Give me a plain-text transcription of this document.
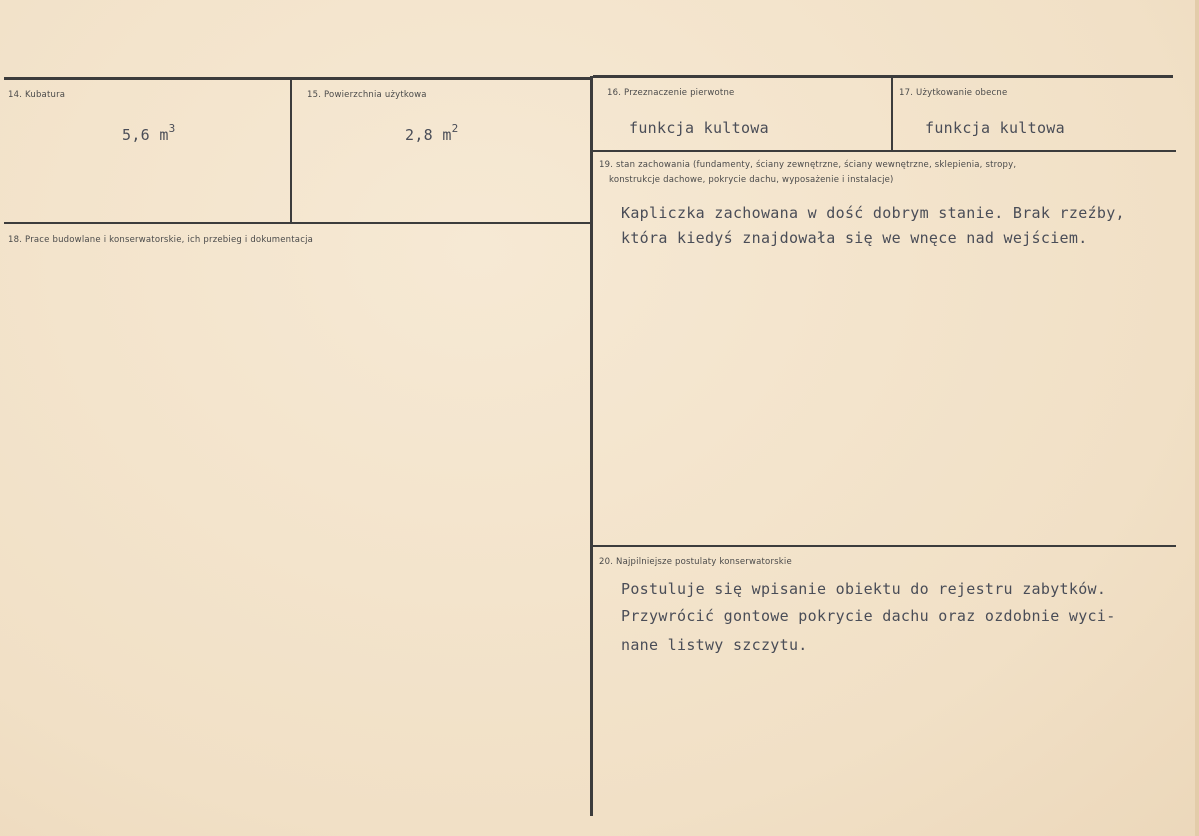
14. Kubatura
5,6 $m^3$
15. Powierzchnia użytkowa
2,8 $m^2$
16. Przeznaczenie pierwotne
funkcja kultowa
17. Użytkowanie obecne
funkcja kultowa
18. Prace budowlane i konserwatorskie, ich przebieg i dokumentacja
19. stan zachowania (fundamenty, ściany zewnętrzne, ściany wewnętrzne, sklepienia, stropy,
konstrukcje dachowe, pokrycie dachu, wyposażenie i instalacje)
Kapliczka zachowana w dość dobrym stanie. Brak rzeźby,
która kiedyś znajdowała się we wnęce nad wejściem.
20. Najpilniejsze postulaty konserwatorskie
Postuluje się wpisanie obiektu do rejestru zabytków.
Przywrócić gontowe pokrycie dachu oraz ozdobnie wyci-
nane listwy szczytu.
